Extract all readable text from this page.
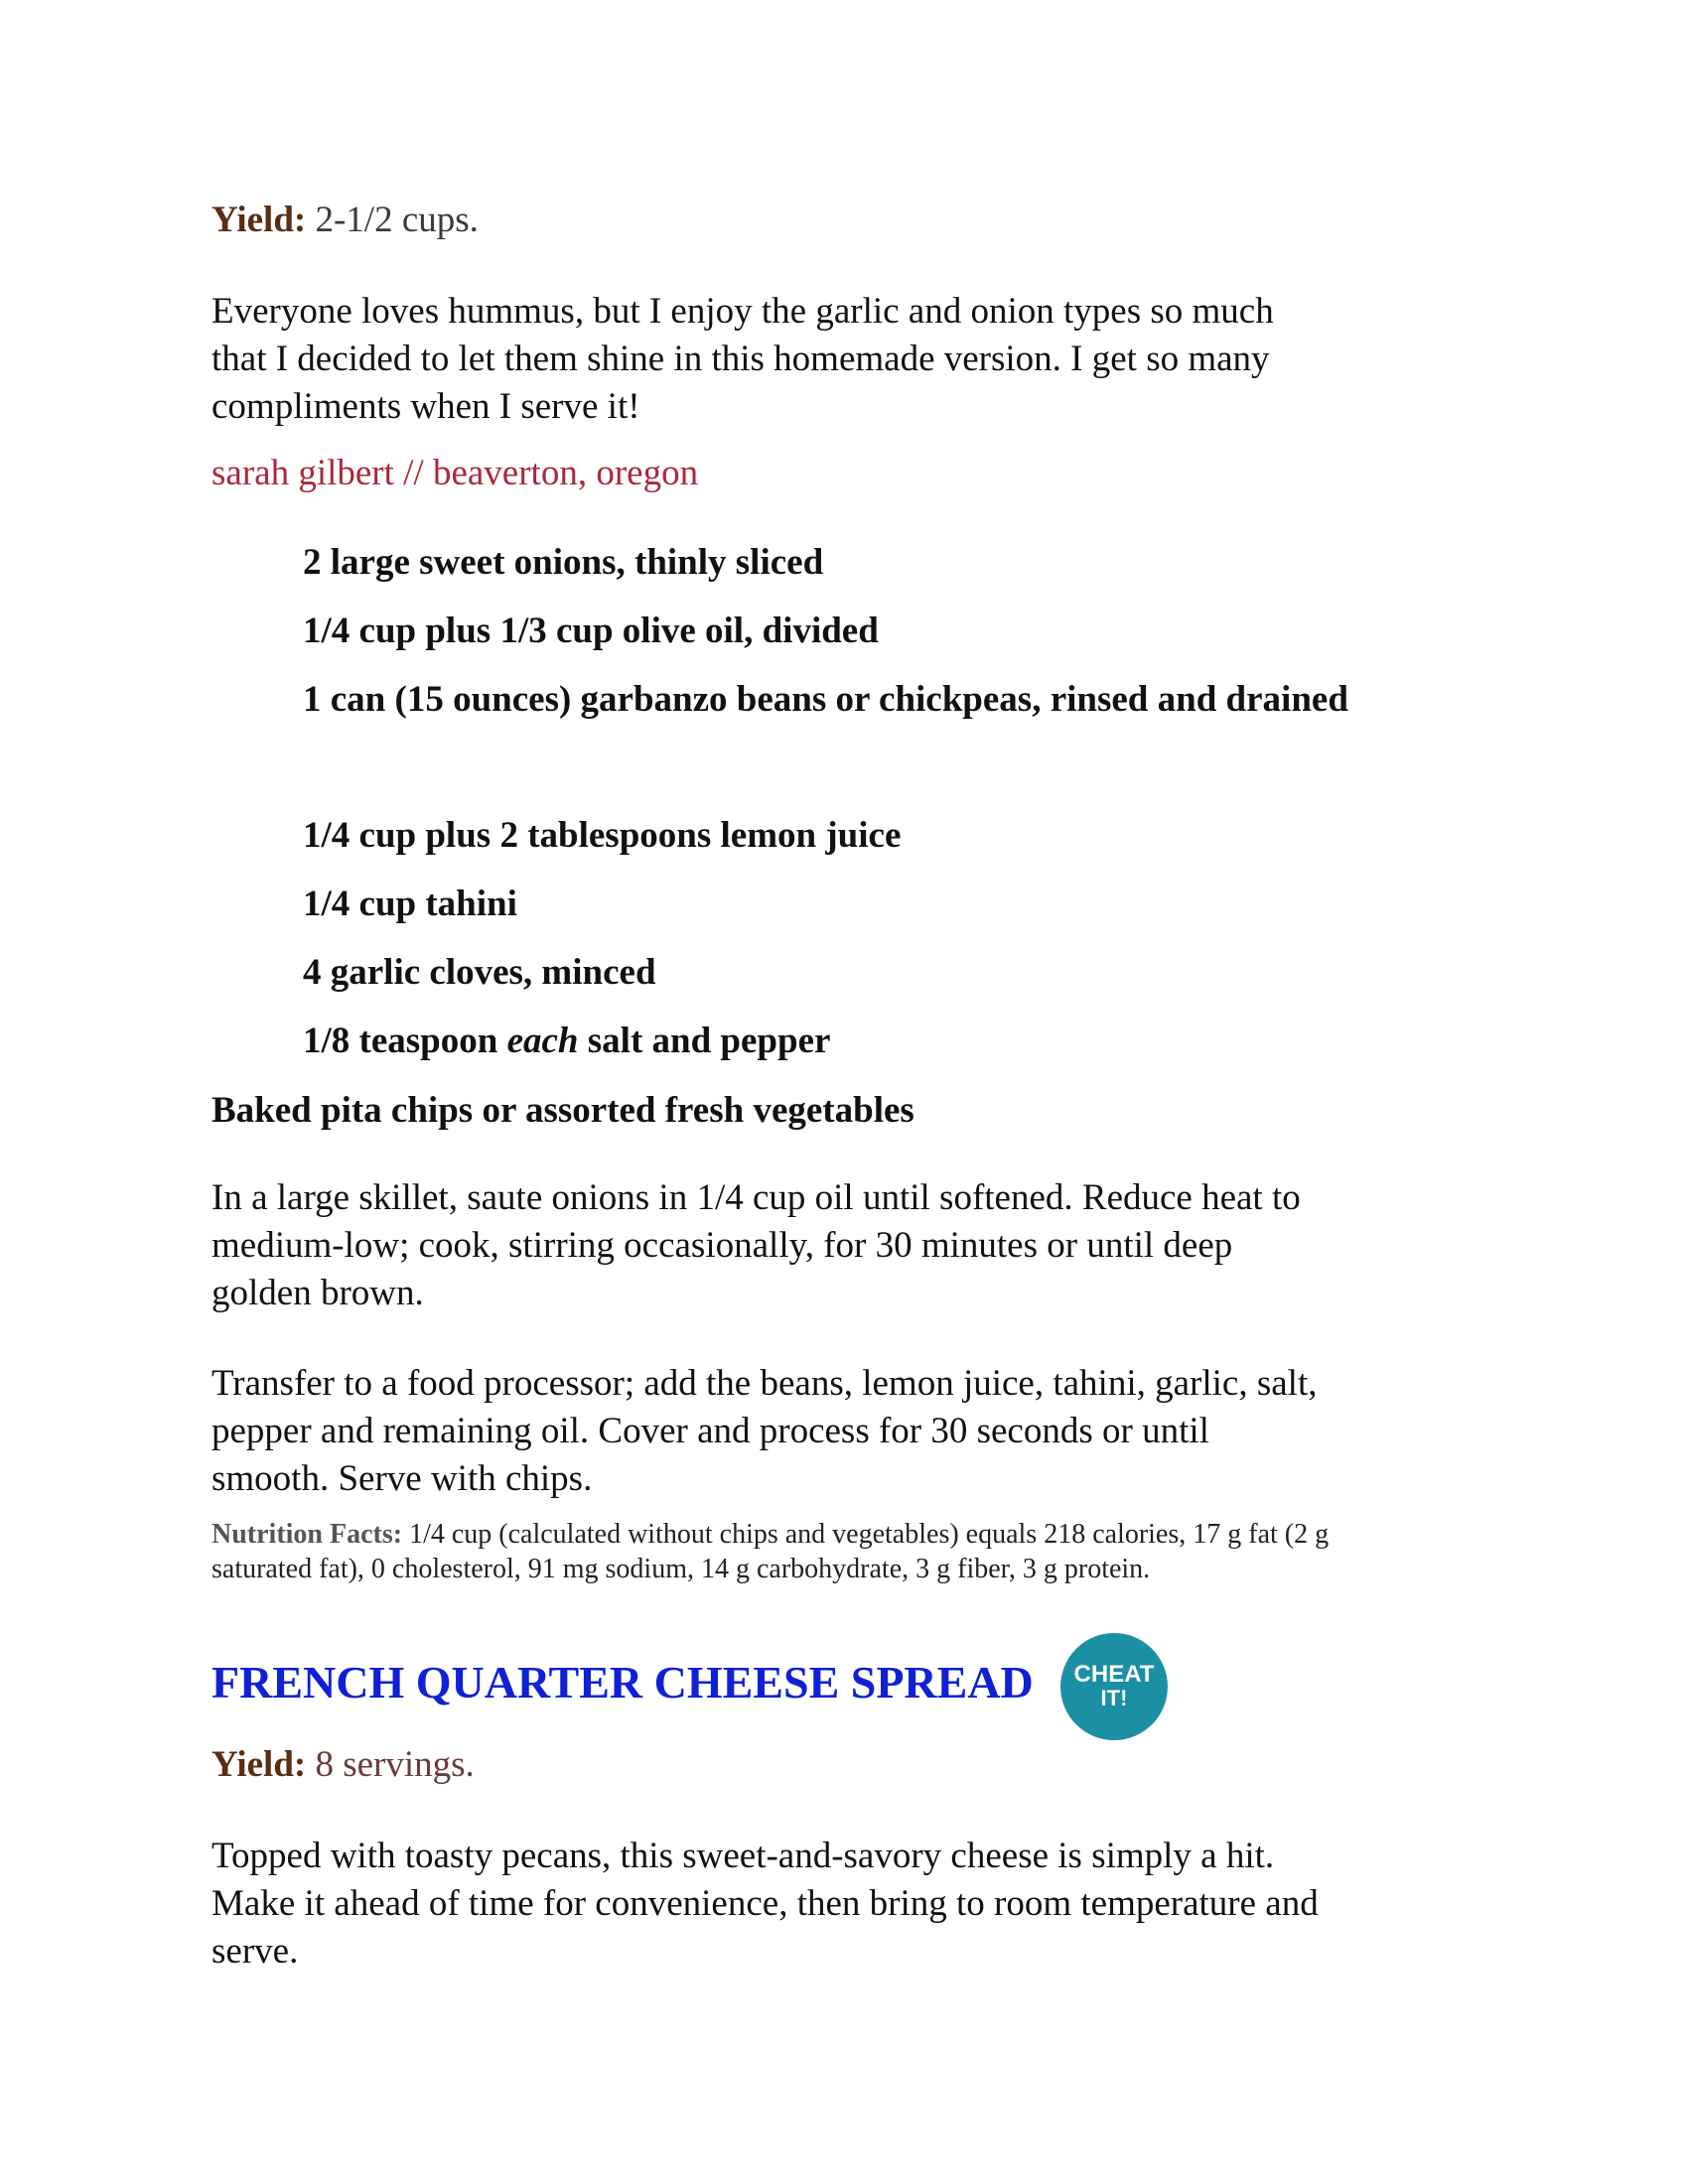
Yield: 2-1/2 cups.

Everyone loves hummus, but I enjoy the garlic and onion types so much
that I decided to let them shine in this homemade version. I get so many
compliments when I serve it!

sarah gilbert // beaverton, oregon

2 large sweet onions, thinly sliced
1/4 cup plus 1/3 cup olive oil, divided
1 can (15 ounces) garbanzo beans or chickpeas, rinsed and drained
1/4 cup plus 2 tablespoons lemon juice
1/4 cup tahini
4 garlic cloves, minced
1/8 teaspoon each salt and pepper

Baked pita chips or assorted fresh vegetables

In a large skillet, saute onions in 1/4 cup oil until softened. Reduce heat to
medium-low; cook, stirring occasionally, for 30 minutes or until deep
golden brown.
Transfer to a food processor; add the beans, lemon juice, tahini, garlic, salt,
pepper and remaining oil. Cover and process for 30 seconds or until
smooth. Serve with chips.
Nutrition Facts: 1/4 cup (calculated without chips and vegetables) equals 218 calories, 17 g fat (2 g
saturated fat), 0 cholesterol, 91 mg sodium, 14 g carbohydrate, 3 g fiber, 3 g protein.
FRENCH QUARTER CHEESE SPREAD CHEAT
IT!

Yield: 8 servings.

Topped with toasty pecans, this sweet-and-savory cheese is simply a hit.
Make it ahead of time for convenience, then bring to room temperature and
serve.
